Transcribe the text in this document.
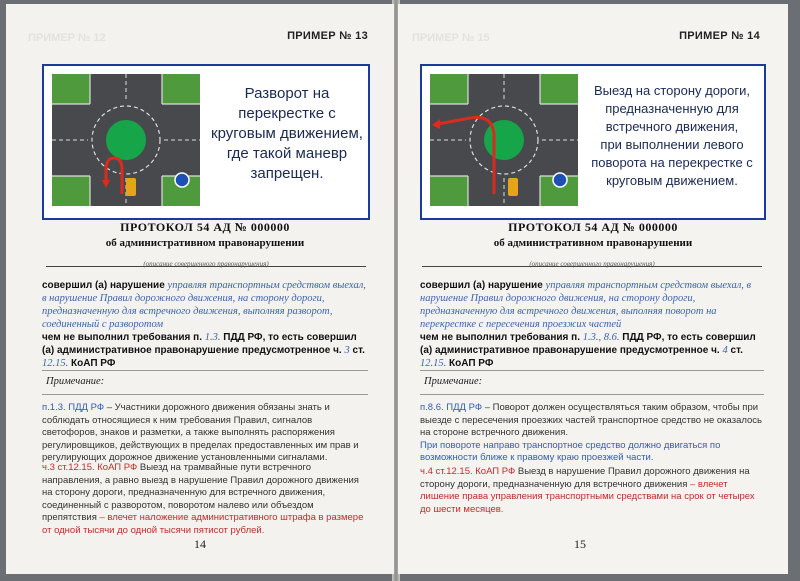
ПРИМЕР № 12	ПРИМЕР № 13
Разворот на
перекрестке с
круговым движением,
где такой маневр
запрещен.
ПРОТОКОЛ 54 АД № 000000
об административном правонарушении
(описание совершенного правонарушения)
совершил (а) нарушение управляя транспортным средством выехал, в нарушение Правил дорожного движения, на сторону дороги, предназначенную для встречного движения, выполняя разворот, соединенный с разворотом
чем не выполнил требования п. 1.3. ПДД РФ, то есть совершил (а) административное правонарушение предусмотренное ч. 3 ст. 12.15. КоАП РФ
Примечание:
п.1.3. ПДД РФ – Участники дорожного движения обязаны знать и соблюдать относящиеся к ним требования Правил, сигналов светофоров, знаков и разметки, а также выполнять распоряжения регулировщиков, действующих в пределах предоставленных им прав и регулирующих дорожное движение установленными сигналами.
ч.3 ст.12.15. КоАП РФ Выезд на трамвайные пути встречного направления, а равно выезд в нарушение Правил дорожного движения на сторону дороги, предназначенную для встречного движения, соединенный с разворотом, поворотом налево или объездом препятствия – влечет наложение административного штрафа в размере от одной тысячи до одной тысячи пятисот рублей.
14
ПРИМЕР № 15	ПРИМЕР № 14
Выезд на сторону дороги,
предназначенную для
встречного движения,
при выполнении левого
поворота на перекрестке с
круговым движением.
ПРОТОКОЛ 54 АД № 000000
об административном правонарушении
(описание совершенного правонарушения)
совершил (а) нарушение управляя транспортным средством выехал, в нарушение Правил дорожного движения, на сторону дороги, предназначенную для встречного движения, выполняя поворот на перекрестке с пересечения проезжих частей
чем не выполнил требования п. 1.3., 8.6. ПДД РФ, то есть совершил (а) административное правонарушение предусмотренное ч. 4 ст. 12.15. КоАП РФ
Примечание:
п.8.6. ПДД РФ – Поворот должен осуществляться таким образом, чтобы при выезде с пересечения проезжих частей транспортное средство не оказалось на стороне встречного движения.
При повороте направо транспортное средство должно двигаться по возможности ближе к правому краю проезжей части.
ч.4 ст.12.15. КоАП РФ Выезд в нарушение Правил дорожного движения на сторону дороги, предназначенную для встречного движения – влечет лишение права управления транспортными средствами на срок от четырех до шести месяцев.
15
